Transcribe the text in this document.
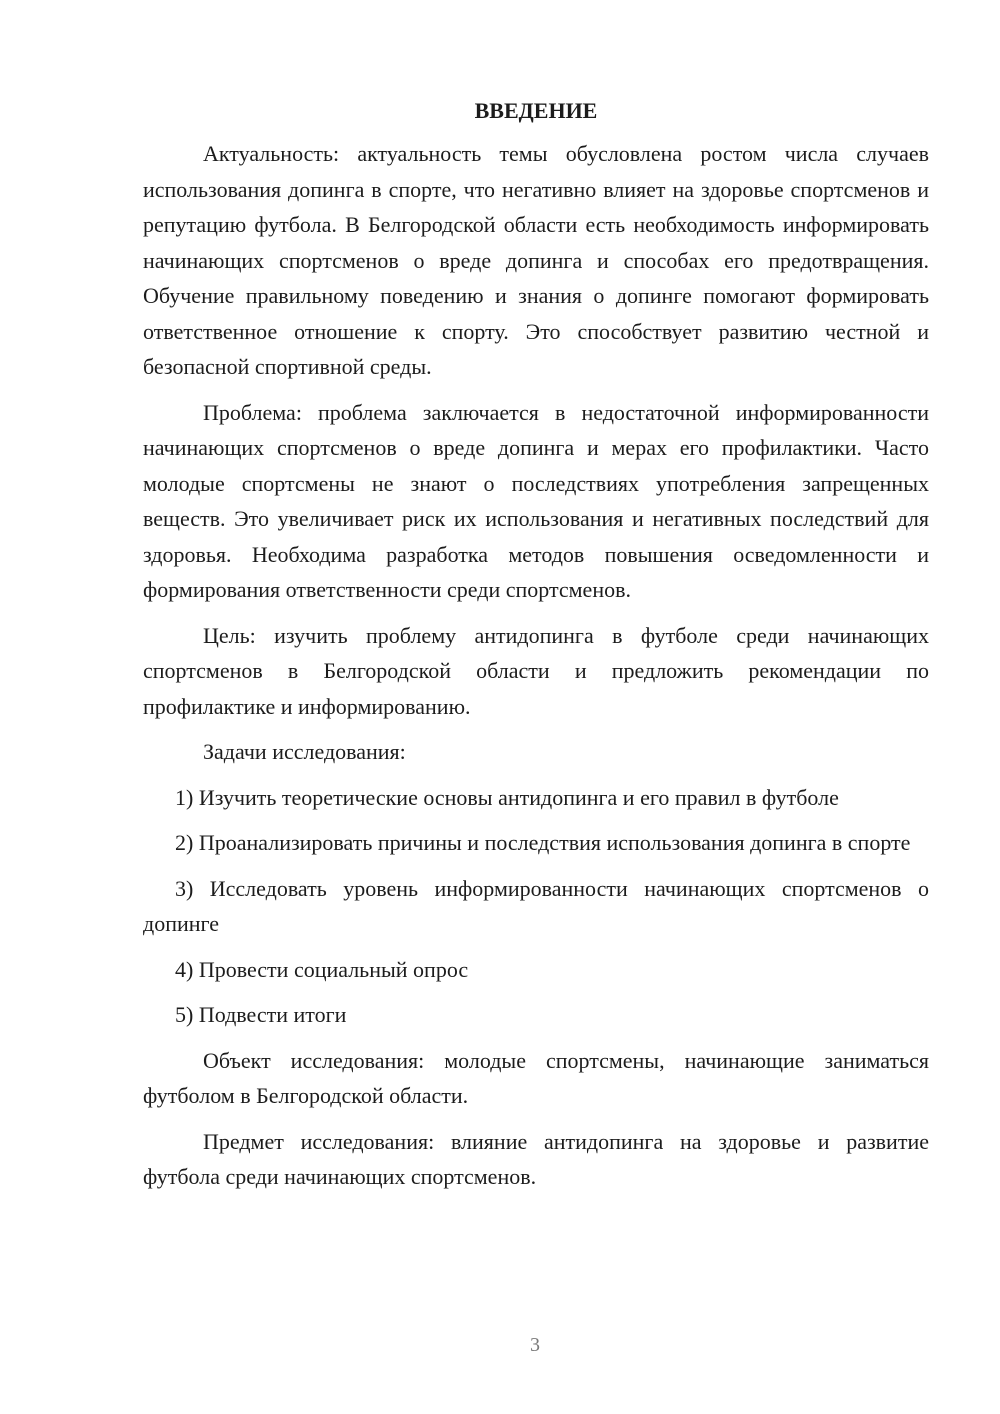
ВВЕДЕНИЕ

Актуальность: актуальность темы обусловлена ростом числа случаев использования допинга в спорте, что негативно влияет на здоровье спортсменов и репутацию футбола. В Белгородской области есть необходимость информировать начинающих спортсменов о вреде допинга и способах его предотвращения. Обучение правильному поведению и знания о допинге помогают формировать ответственное отношение к спорту. Это способствует развитию честной и безопасной спортивной среды.

Проблема: проблема заключается в недостаточной информированности начинающих спортсменов о вреде допинга и мерах его профилактики. Часто молодые спортсмены не знают о последствиях употребления запрещенных веществ. Это увеличивает риск их использования и негативных последствий для здоровья. Необходима разработка методов повышения осведомленности и формирования ответственности среди спортсменов.

Цель: изучить проблему антидопинга в футболе среди начинающих спортсменов в Белгородской области и предложить рекомендации по профилактике и информированию.

Задачи исследования:

1) Изучить теоретические основы антидопинга и его правил в футболе

2) Проанализировать причины и последствия использования допинга в спорте

3) Исследовать уровень информированности начинающих спортсменов о допинге

4) Провести социальный опрос

5) Подвести итоги

Объект исследования: молодые спортсмены, начинающие заниматься футболом в Белгородской области.

Предмет исследования: влияние антидопинга на здоровье и развитие футбола среди начинающих спортсменов.

3
